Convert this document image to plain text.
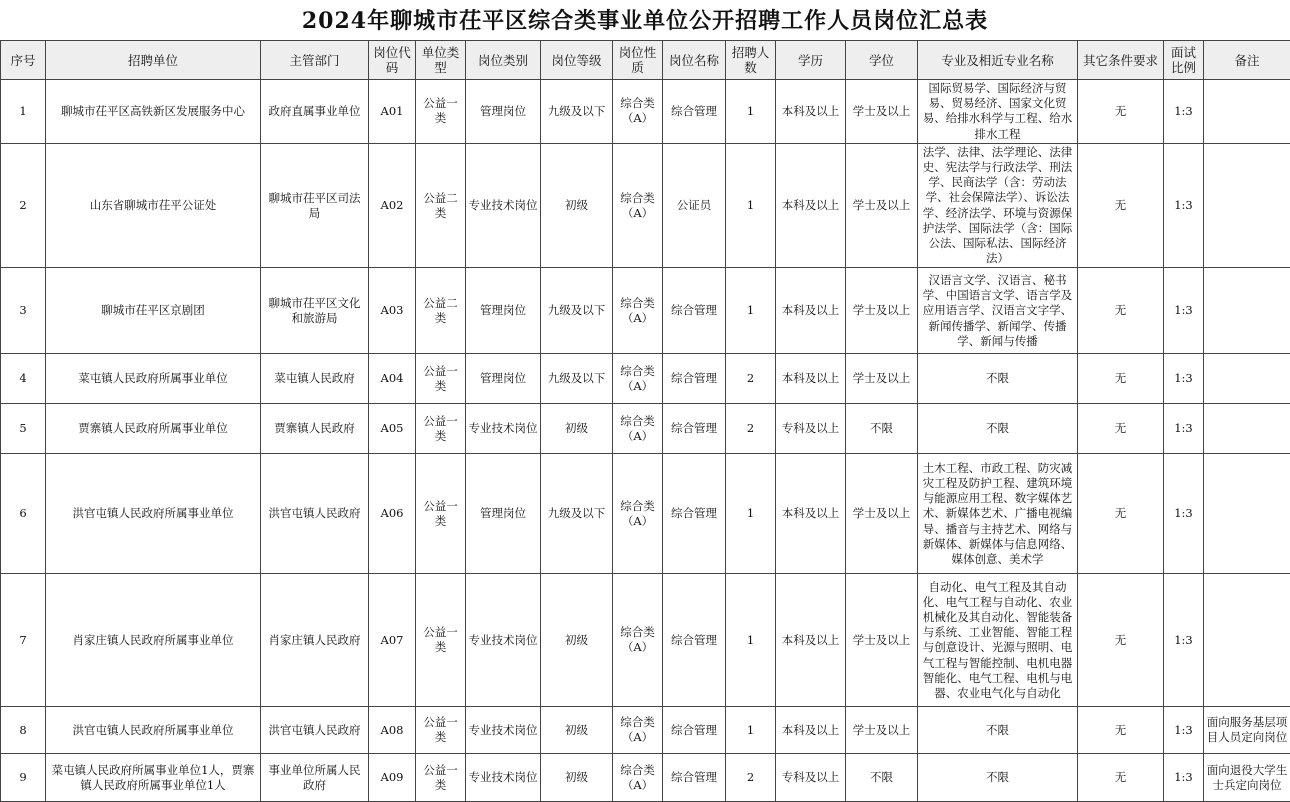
2024年聊城市茌平区综合类事业单位公开招聘工作人员岗位汇总表
序号	招聘单位	主管部门	岗位代码	单位类型	岗位类别	岗位等级	岗位性质	岗位名称	招聘人数	学历	学位	专业及相近专业名称	其它条件要求	面试比例	备注
1	聊城市茌平区高铁新区发展服务中心	政府直属事业单位	A01	公益一类	管理岗位	九级及以下	综合类（A）	综合管理	1	本科及以上	学士及以上	国际贸易学、国际经济与贸易、贸易经济、国家文化贸易、给排水科学与工程、给水排水工程	无	1:3	
2	山东省聊城市茌平公证处	聊城市茌平区司法局	A02	公益二类	专业技术岗位	初级	综合类（A）	公证员	1	本科及以上	学士及以上	法学、法律、法学理论、法律史、宪法学与行政法学、刑法学、民商法学（含：劳动法学、社会保障法学）、诉讼法学、经济法学、环境与资源保护法学、国际法学（含：国际公法、国际私法、国际经济法）	无	1:3	
3	聊城市茌平区京剧团	聊城市茌平区文化和旅游局	A03	公益二类	管理岗位	九级及以下	综合类（A）	综合管理	1	本科及以上	学士及以上	汉语言文学、汉语言、秘书学、中国语言文学、语言学及应用语言学、汉语言文字学、新闻传播学、新闻学、传播学、新闻与传播	无	1:3	
4	菜屯镇人民政府所属事业单位	菜屯镇人民政府	A04	公益一类	管理岗位	九级及以下	综合类（A）	综合管理	2	本科及以上	学士及以上	不限	无	1:3	
5	贾寨镇人民政府所属事业单位	贾寨镇人民政府	A05	公益一类	专业技术岗位	初级	综合类（A）	综合管理	2	专科及以上	不限	不限	无	1:3	
6	洪官屯镇人民政府所属事业单位	洪官屯镇人民政府	A06	公益一类	管理岗位	九级及以下	综合类（A）	综合管理	1	本科及以上	学士及以上	土木工程、市政工程、防灾减灾工程及防护工程、建筑环境与能源应用工程、数字媒体艺术、新媒体艺术、广播电视编导、播音与主持艺术、网络与新媒体、新媒体与信息网络、媒体创意、美术学	无	1:3	
7	肖家庄镇人民政府所属事业单位	肖家庄镇人民政府	A07	公益一类	专业技术岗位	初级	综合类（A）	综合管理	1	本科及以上	学士及以上	自动化、电气工程及其自动化、电气工程与自动化、农业机械化及其自动化、智能装备与系统、工业智能、智能工程与创意设计、光源与照明、电气工程与智能控制、电机电器智能化、电气工程、电机与电器、农业电气化与自动化	无	1:3	
8	洪官屯镇人民政府所属事业单位	洪官屯镇人民政府	A08	公益一类	专业技术岗位	初级	综合类（A）	综合管理	1	本科及以上	学士及以上	不限	无	1:3	面向服务基层项目人员定向岗位
9	菜屯镇人民政府所属事业单位1人，贾寨镇人民政府所属事业单位1人	事业单位所属人民政府	A09	公益一类	专业技术岗位	初级	综合类（A）	综合管理	2	专科及以上	不限	不限	无	1:3	面向退役大学生士兵定向岗位
